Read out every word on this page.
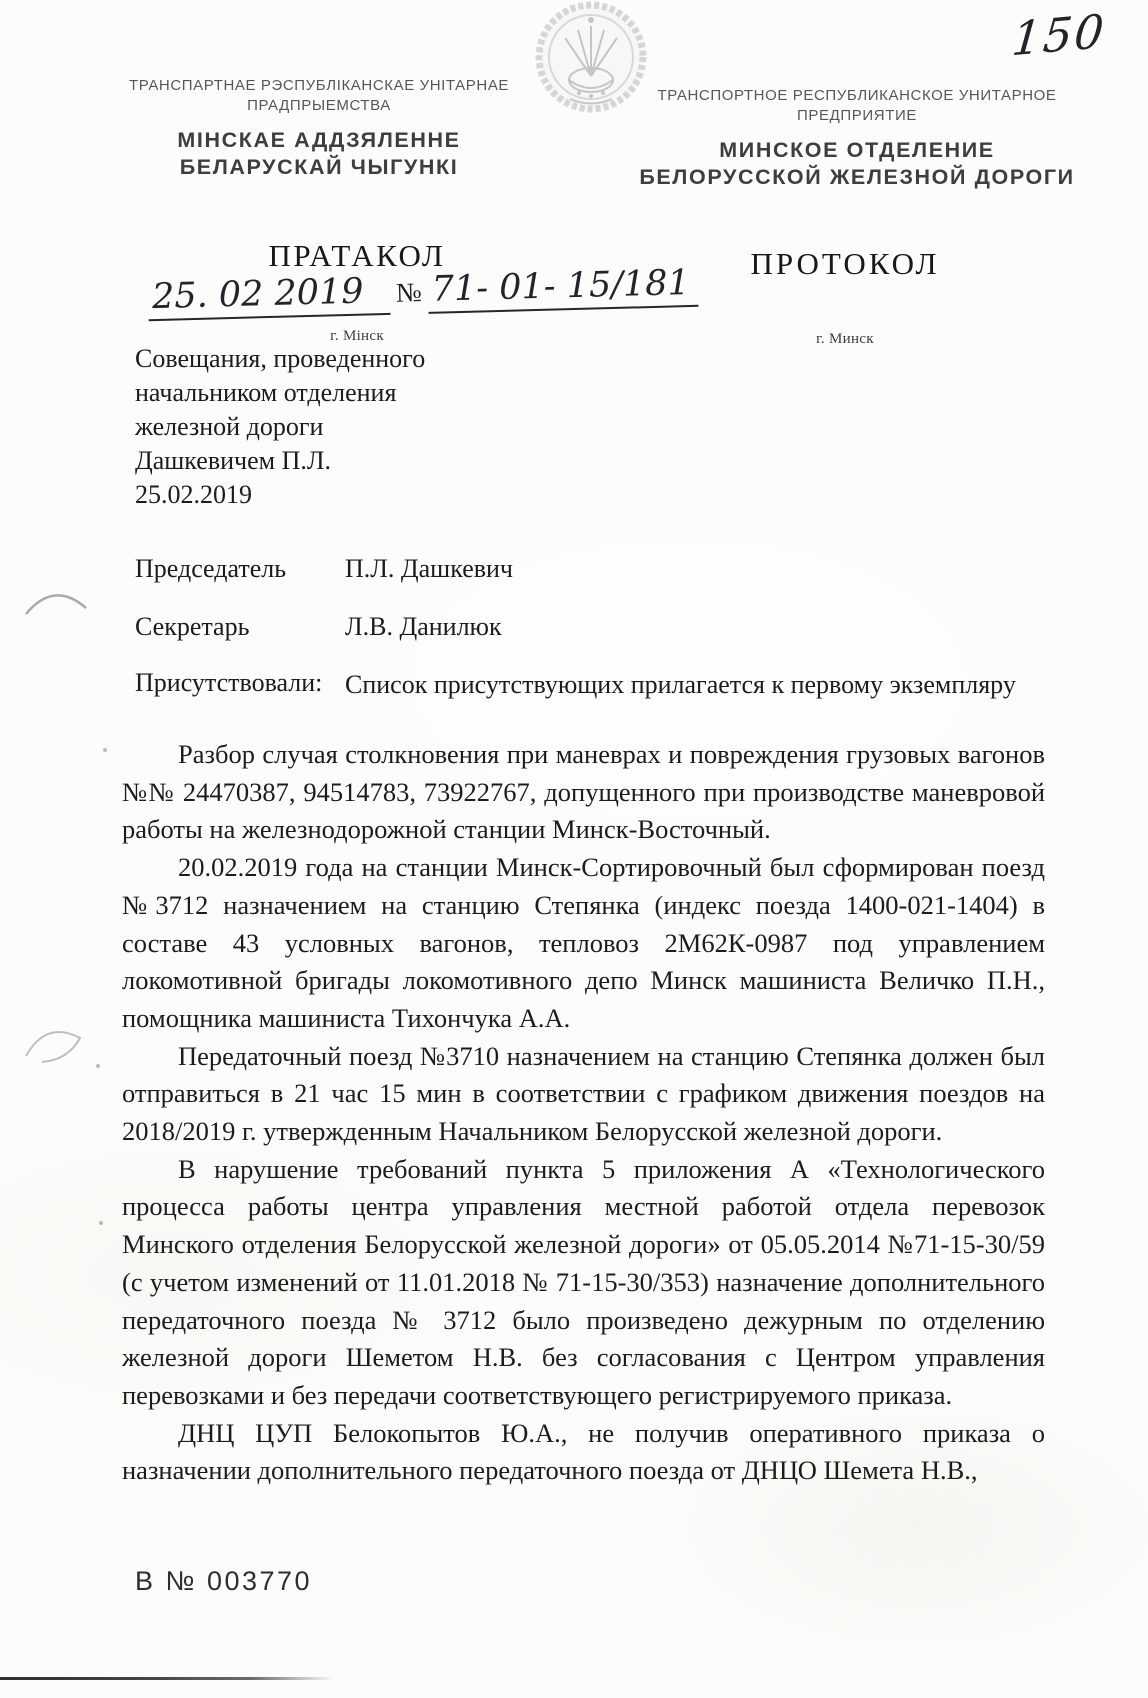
150
ТРАНСПАРТНАЕ РЭСПУБЛІКАНСКАЕ УНІТАРНАЕ
ПРАДПРЫЕМСТВА
МІНСКАЕ АДДЗЯЛЕННЕ
БЕЛАРУСКАЙ ЧЫГУНКІ
ТРАНСПОРТНОЕ РЕСПУБЛИКАНСКОЕ УНИТАРНОЕ
ПРЕДПРИЯТИЕ
МИНСКОЕ ОТДЕЛЕНИЕ
БЕЛОРУССКОЙ ЖЕЛЕЗНОЙ ДОРОГИ
ПРАТАКОЛ
25. 02 2019 № 71- 01- 15/181
г. Мінск
ПРОТОКОЛ
г. Минск
Совещания, проведенного
начальником отделения
железной дороги
Дашкевичем П.Л.
25.02.2019
Председатель П.Л. Дашкевич
Секретарь	Л.В. Данилюк
Присутствовали: Список присутствующих прилагается к первому экземпляру

Разбор случая столкновения при маневрах и повреждения грузовых вагонов №№ 24470387, 94514783, 73922767, допущенного при производстве маневровой работы на железнодорожной станции Минск-Восточный.

20.02.2019 года на станции Минск-Сортировочный был сформирован поезд №3712 назначением на станцию Степянка (индекс поезда 1400-021-1404) в составе 43 условных вагонов, тепловоз 2М62К-0987 под управлением локомотивной бригады локомотивного депо Минск машиниста Величко П.Н., помощника машиниста Тихончука А.А.

Передаточный поезд №3710 назначением на станцию Степянка должен был отправиться в 21 час 15 мин в соответствии с графиком движения поездов на 2018/2019 г. утвержденным Начальником Белорусской железной дороги.

В нарушение требований пункта 5 приложения А «Технологического процесса работы центра управления местной работой отдела перевозок Минского отделения Белорусской железной дороги» от 05.05.2014 №71-15-30/59 (с учетом изменений от 11.01.2018 № 71-15-30/353) назначение дополнительного передаточного поезда № 3712 было произведено дежурным по отделению железной дороги Шеметом Н.В. без согласования с Центром управления перевозками и без передачи соответствующего регистрируемого приказа.

ДНЦ ЦУП Белокопытов Ю.А., не получив оперативного приказа о назначении дополнительного передаточного поезда от ДНЦО Шемета Н.В.,

В № 003770
